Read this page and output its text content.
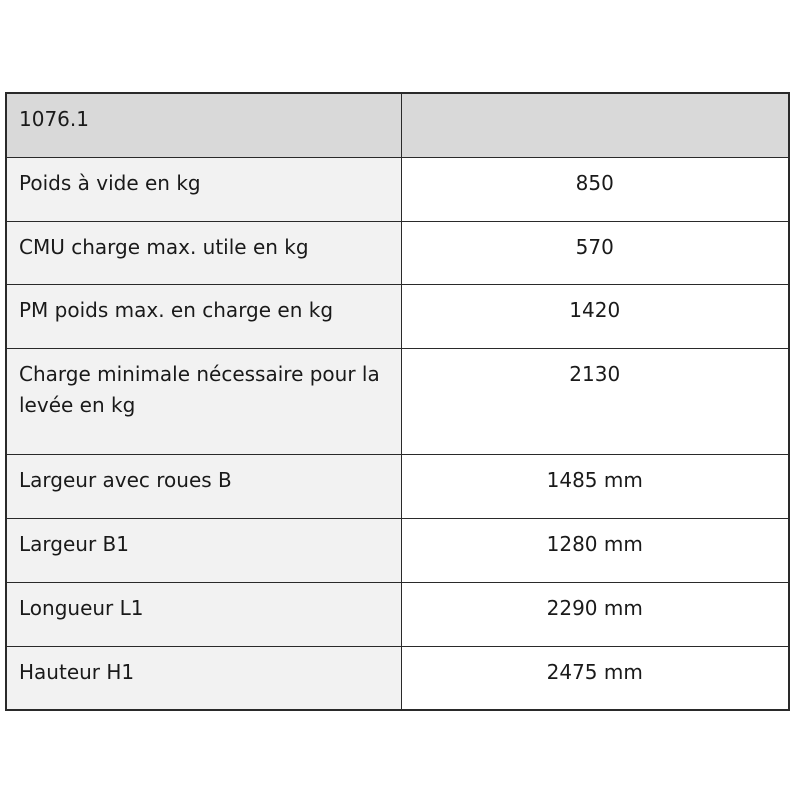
1076.1	
Poids à vide en kg	850
CMU charge max. utile en kg	570
PM poids max. en charge en kg	1420
Charge minimale nécessaire pour la levée en kg	2130
Largeur avec roues B	1485 mm
Largeur B1	1280 mm
Longueur L1	2290 mm
Hauteur H1	2475 mm
